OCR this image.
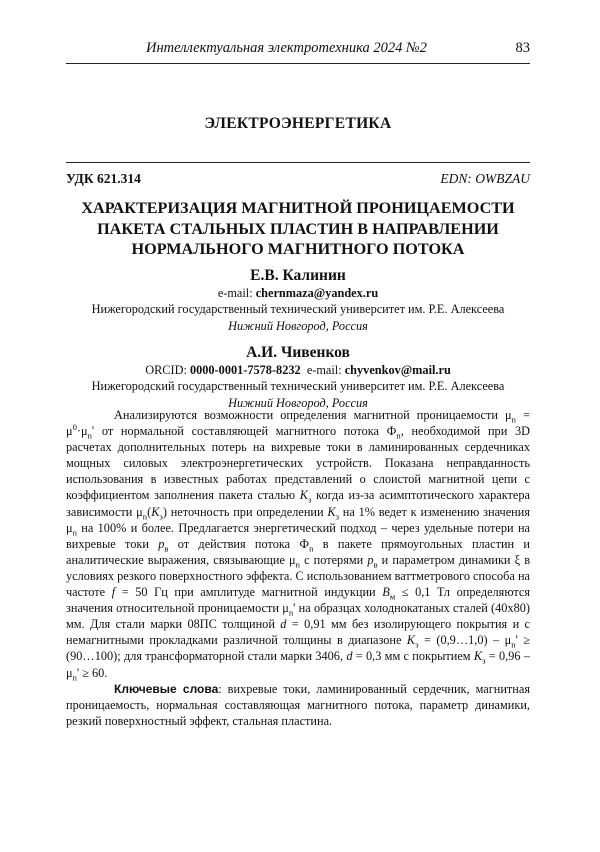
Интеллектуальная электротехника 2024 №2	83
ЭЛЕКТРОЭНЕРГЕТИКА
УДК 621.314	EDN: OWBZAU
ХАРАКТЕРИЗАЦИЯ МАГНИТНОЙ ПРОНИЦАЕМОСТИ
ПАКЕТА СТАЛЬНЫХ ПЛАСТИН В НАПРАВЛЕНИИ
НОРМАЛЬНОГО МАГНИТНОГО ПОТОКА
Е.В. Калинин
e-mail: chernmaza@yandex.ru
Нижегородский государственный технический университет им. Р.Е. Алексеева
Нижний Новгород, Россия
А.И. Чивенков
ORCID: 0000-0001-7578-8232 e-mail: chyvenkov@mail.ru
Нижегородский государственный технический университет им. Р.Е. Алексеева
Нижний Новгород, Россия

Анализируются возможности определения магнитной проницаемости $\mu_n = \mu^0\cdot\mu_n'$ от нормальной составляющей магнитного потока $Ф_n$, необходимой при 3D расчетах дополнительных потерь на вихревые токи в ламинированных сердечниках мощных силовых электроэнергетических устройств. Показана неправданность использования в известных работах представлений о слоистой магнитной цепи с коэффициентом заполнения пакета сталью $K_з$ когда из-за асимптотического характера зависимости $\mu_n(K_з)$ неточность при определении $K_з$ на 1% ведет к изменению значения $\mu_n$ на 100% и более. Предлагается энергетический подход – через удельные потери на вихревые токи $p_в$ от действия потока $Ф_n$ в пакете прямоугольных пластин и аналитические выражения, связывающие $\mu_n$ с потерями $p_в$ и параметром динамики ξ в условиях резкого поверхностного эффекта. С использованием ваттметрового способа на частоте f = 50 Гц при амплитуде магнитной индукции $B_м \le 0,1$ Тл определяются значения относительной проницаемости $\mu_n'$ на образцах холоднокатаных сталей (40x80) мм. Для стали марки 08ПС толщиной d = 0,91 мм без изолирующего покрытия и с немагнитными прокладками различной толщины в диапазоне $K_з$ = (0,9…1,0) – $\mu_n'$ ≥ (90…100); для трансформаторной стали марки 3406, d = 0,3 мм с покрытием $K_з = 0,96 - \mu_n' \ge 60$.

Ключевые слова: вихревые токи, ламинированный сердечник, магнитная проницаемость, нормальная составляющая магнитного потока, параметр динамики, резкий поверхностный эффект, стальная пластина.
